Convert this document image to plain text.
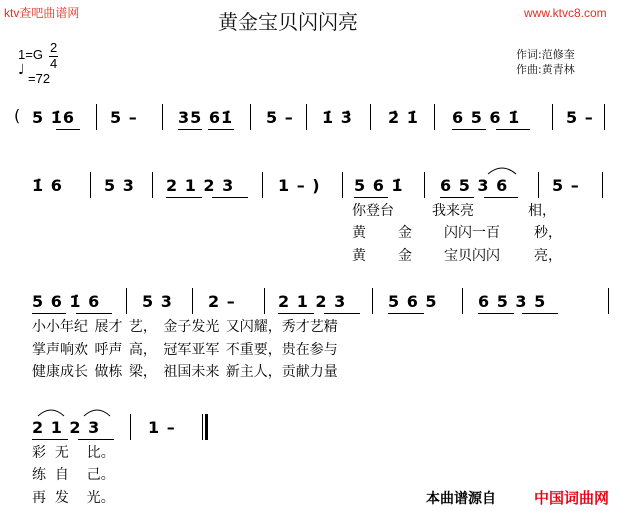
ktv查吧曲谱网	黄金宝贝闪闪亮	www.ktvc8.com
1=G 2
4
♩
=72
作词:范修奎
作曲:黄青林
( 5 1̇6 5 –	35 61̇ 5 – 1̇ 3̇ 2̇ 1̇ 6 5 6 1̇	5 –
1̇ 6	5 3 2 1 2 3	1 – ) 5 6 1̇ 6 5 3 6	5 –
你登台	我来亮	相，
黄 金 闪闪一百 秒，
黄 金 宝贝闪闪 亮，
5 6 1̇ 6	5 3 2 –	2 1 2 3	5 6 5	6 5 3 5
小小年纪 展才 艺， 金子发光 又闪耀，秀才艺精
掌声响欢 呼声 高， 冠军亚军 不重要，贵在参与
健康成长 做栋 梁， 祖国未来 新主人，贡献力量
2 1 2 3	1 –
彩  无    比。
练  自    己。
再  发    光。	本曲谱源自	中国词曲网
